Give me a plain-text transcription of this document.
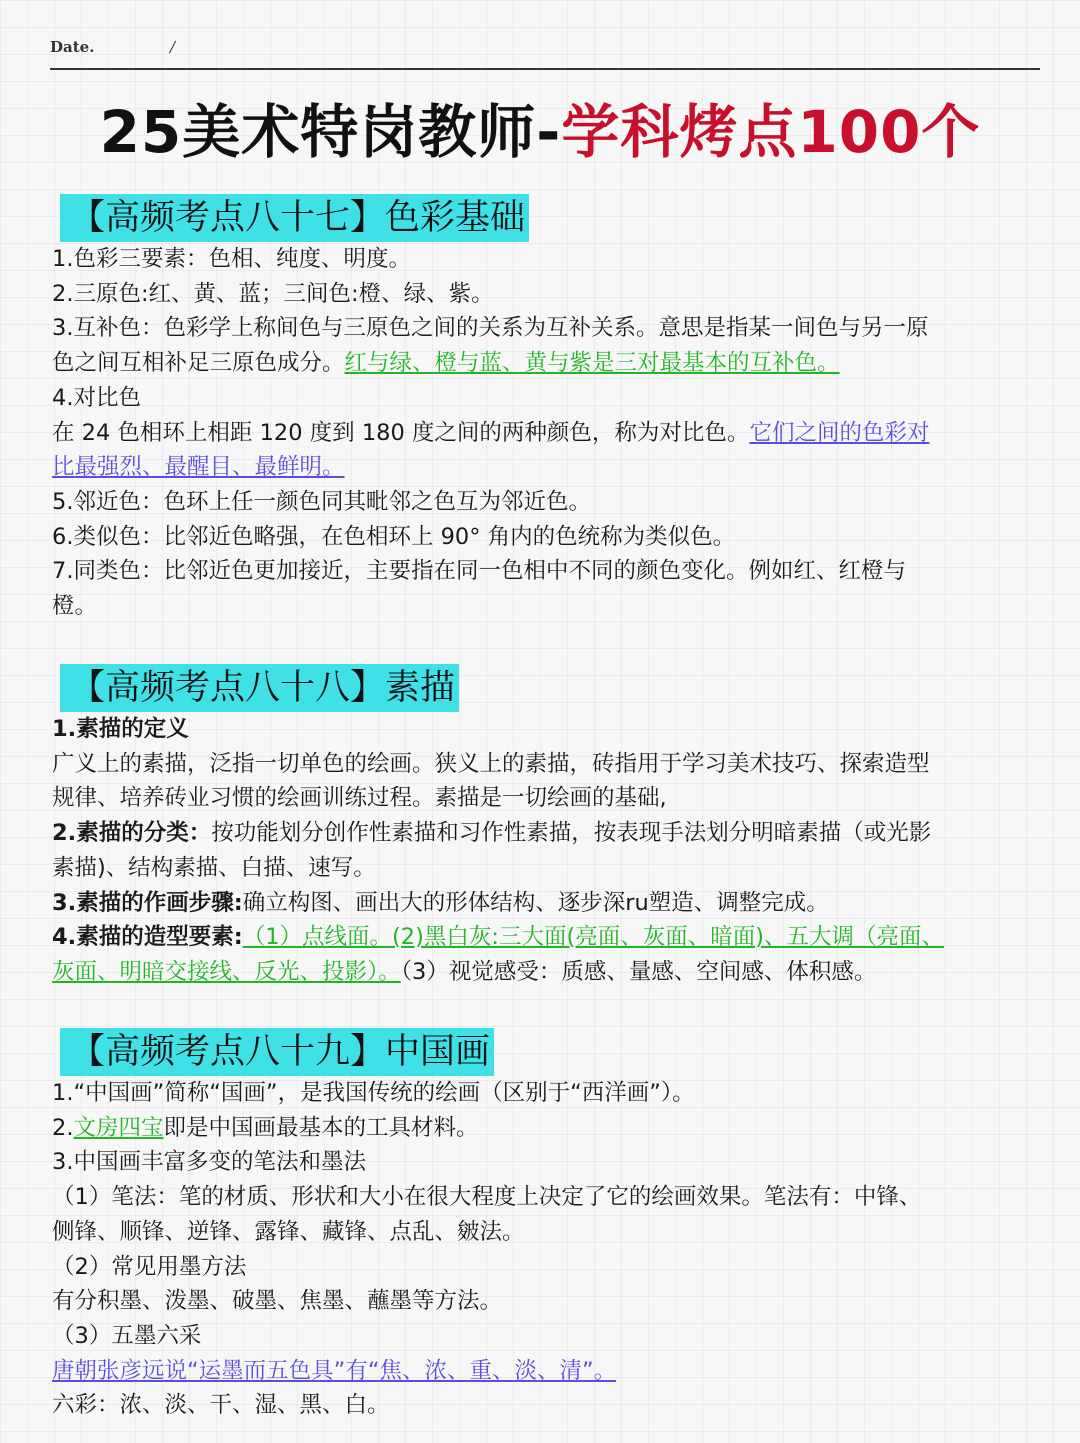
Date.	/
25美术特岗教师-学科烤点100个
【高频考点八十七】色彩基础
1.色彩三要素：色相、纯度、明度。
2.三原色:红、黄、蓝；三间色:橙、绿、紫。
3.互补色：色彩学上称间色与三原色之间的关系为互补关系。意思是指某一间色与另一原
色之间互相补足三原色成分。红与绿、橙与蓝、黄与紫是三对最基本的互补色。
4.对比色
在 24 色相环上相距 120 度到 180 度之间的两种颜色，称为对比色。它们之间的色彩对
比最强烈、最醒目、最鲜明。
5.邻近色：色环上任一颜色同其毗邻之色互为邻近色。
6.类似色：比邻近色略强，在色相环上 90° 角内的色统称为类似色。
7.同类色：比邻近色更加接近，主要指在同一色相中不同的颜色变化。例如红、红橙与
橙。
【高频考点八十八】素描
1.素描的定义
广义上的素描，泛指一切单色的绘画。狭义上的素描，砖指用于学习美术技巧、探索造型
规律、培养砖业习惯的绘画训练过程。素描是一切绘画的基础,
2.素描的分类：按功能划分创作性素描和习作性素描，按表现手法划分明暗素描（或光影
素描)、结构素描、白描、速写。
3.素描的作画步骤:确立构图、画出大的形体结构、逐步深ru塑造、调整完成。
4.素描的造型要素:（1）点线面。(2)黑白灰:三大面(亮面、灰面、暗面)、五大调（亮面、
灰面、明暗交接线、反光、投影）。（3）视觉感受：质感、量感、空间感、体积感。
【高频考点八十九】中国画
1.“中国画”简称“国画”，是我国传统的绘画（区别于“西洋画”）。
2.文房四宝即是中国画最基本的工具材料。
3.中国画丰富多变的笔法和墨法
（1）笔法：笔的材质、形状和大小在很大程度上决定了它的绘画效果。笔法有：中锋、
侧锋、顺锋、逆锋、露锋、藏锋、点乱、皴法。
（2）常见用墨方法
有分积墨、泼墨、破墨、焦墨、蘸墨等方法。
（3）五墨六采
唐朝张彦远说“运墨而五色具”有“焦、浓、重、淡、清”。
六彩：浓、淡、干、湿、黑、白。
